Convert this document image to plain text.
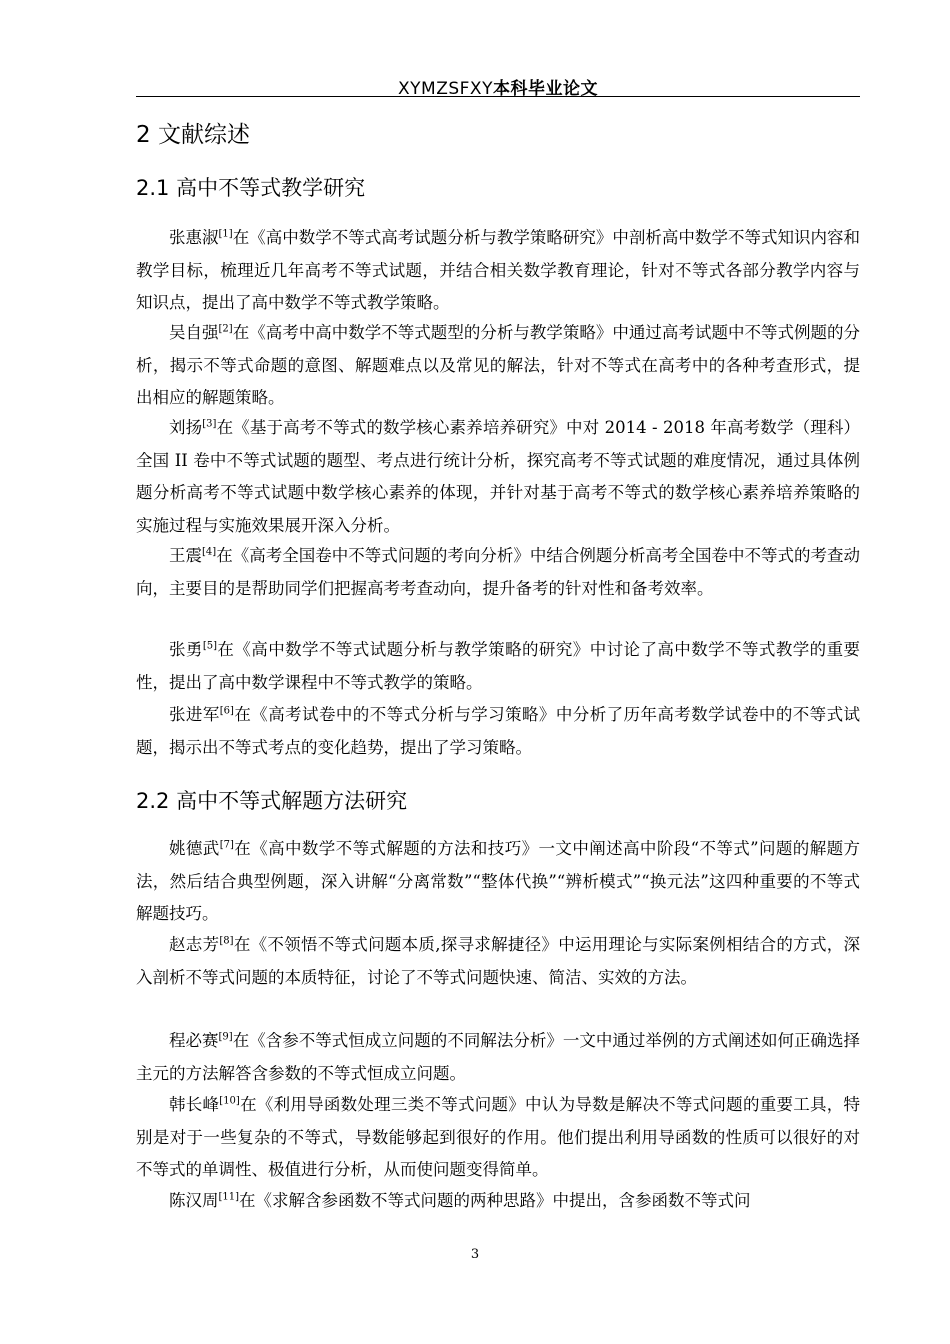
XYMZSFXY本科毕业论文
2 文献综述
2.1 高中不等式教学研究

张惠淑[1]在《高中数学不等式高考试题分析与教学策略研究》中剖析高中数学不等式知识内容和教学目标，梳理近几年高考不等式试题，并结合相关数学教育理论，针对不等式各部分教学内容与知识点，提出了高中数学不等式教学策略。

吴自强[2]在《高考中高中数学不等式题型的分析与教学策略》中通过高考试题中不等式例题的分析，揭示不等式命题的意图、解题难点以及常见的解法，针对不等式在高考中的各种考查形式，提出相应的解题策略。

刘扬[3]在《基于高考不等式的数学核心素养培养研究》中对 2014 - 2018 年高考数学（理科）全国 II 卷中不等式试题的题型、考点进行统计分析，探究高考不等式试题的难度情况，通过具体例题分析高考不等式试题中数学核心素养的体现，并针对基于高考不等式的数学核心素养培养策略的实施过程与实施效果展开深入分析。

王震[4]在《高考全国卷中不等式问题的考向分析》中结合例题分析高考全国卷中不等式的考查动向，主要目的是帮助同学们把握高考考查动向，提升备考的针对性和备考效率。

张勇[5]在《高中数学不等式试题分析与教学策略的研究》中讨论了高中数学不等式教学的重要性，提出了高中数学课程中不等式教学的策略。

张进军[6]在《高考试卷中的不等式分析与学习策略》中分析了历年高考数学试卷中的不等式试题，揭示出不等式考点的变化趋势，提出了学习策略。

2.2 高中不等式解题方法研究

姚德武[7]在《高中数学不等式解题的方法和技巧》一文中阐述高中阶段“不等式”问题的解题方法，然后结合典型例题，深入讲解“分离常数”“整体代换”“辨析模式”“换元法”这四种重要的不等式解题技巧。

赵志芳[8]在《不领悟不等式问题本质,探寻求解捷径》中运用理论与实际案例相结合的方式，深入剖析不等式问题的本质特征，讨论了不等式问题快速、简洁、实效的方法。

程必赛[9]在《含参不等式恒成立问题的不同解法分析》一文中通过举例的方式阐述如何正确选择主元的方法解答含参数的不等式恒成立问题。

韩长峰[10]在《利用导函数处理三类不等式问题》中认为导数是解决不等式问题的重要工具，特别是对于一些复杂的不等式，导数能够起到很好的作用。他们提出利用导函数的性质可以很好的对不等式的单调性、极值进行分析，从而使问题变得简单。

陈汉周[11]在《求解含参函数不等式问题的两种思路》中提出，含参函数不等式问

3
